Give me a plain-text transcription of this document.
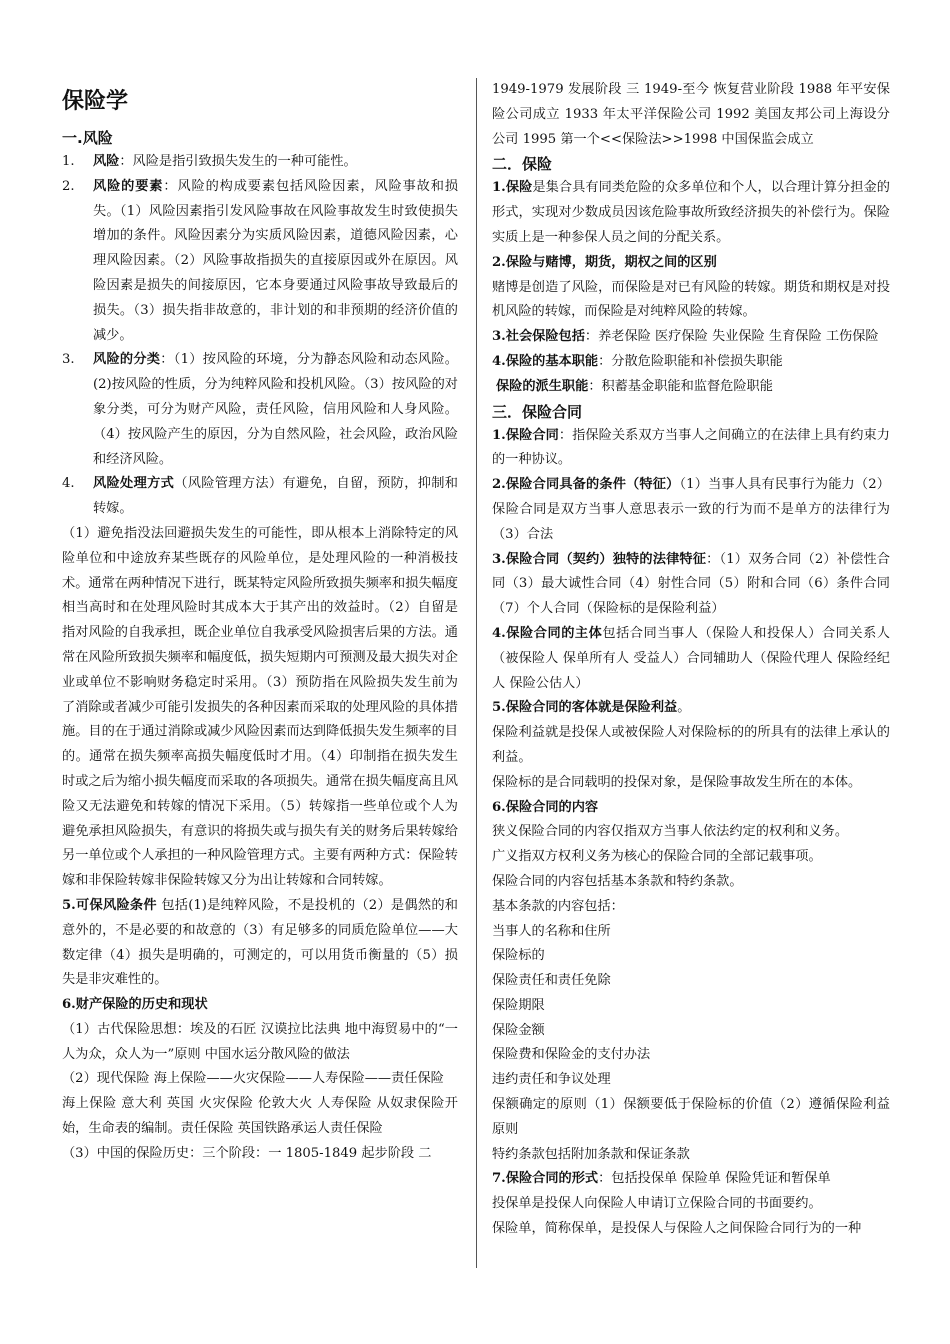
保险学
一.风险
1. 风险：风险是指引致损失发生的一种可能性。
2. 风险的要素：风险的构成要素包括风险因素，风险事故和损失。（1）风险因素指引发风险事故在风险事故发生时致使损失增加的条件。风险因素分为实质风险因素，道德风险因素，心理风险因素。（2）风险事故指损失的直接原因或外在原因。风险因素是损失的间接原因，它本身要通过风险事故导致最后的损失。（3）损失指非故意的，非计划的和非预期的经济价值的减少。
3. 风险的分类：（1）按风险的环境，分为静态风险和动态风险。(2)按风险的性质，分为纯粹风险和投机风险。（3）按风险的对象分类，可分为财产风险，责任风险，信用风险和人身风险。（4）按风险产生的原因，分为自然风险，社会风险，政治风险和经济风险。
4. 风险处理方式（风险管理方法）有避免，自留，预防，抑制和转嫁。

（1）避免指没法回避损失发生的可能性，即从根本上消除特定的风险单位和中途放弃某些既存的风险单位，是处理风险的一种消极技术。通常在两种情况下进行，既某特定风险所致损失频率和损失幅度相当高时和在处理风险时其成本大于其产出的效益时。（2）自留是指对风险的自我承担，既企业单位自我承受风险损害后果的方法。通常在风险所致损失频率和幅度低，损失短期内可预测及最大损失对企业或单位不影响财务稳定时采用。（3）预防指在风险损失发生前为了消除或者减少可能引发损失的各种因素而采取的处理风险的具体措施。目的在于通过消除或减少风险因素而达到降低损失发生频率的目的。通常在损失频率高损失幅度低时才用。（4）印制指在损失发生时或之后为缩小损失幅度而采取的各项损失。通常在损失幅度高且风险又无法避免和转嫁的情况下采用。（5）转嫁指一些单位或个人为避免承担风险损失，有意识的将损失或与损失有关的财务后果转嫁给另一单位或个人承担的一种风险管理方式。主要有两种方式：保险转嫁和非保险转嫁非保险转嫁又分为出让转嫁和合同转嫁。

5.可保风险条件 包括(1)是纯粹风险，不是投机的（2）是偶然的和意外的，不是必要的和故意的（3）有足够多的同质危险单位——大数定律（4）损失是明确的，可测定的，可以用货币衡量的（5）损失是非灾难性的。

6.财产保险的历史和现状

（1）古代保险思想：埃及的石匠 汉谟拉比法典 地中海贸易中的“一人为众，众人为一”原则 中国水运分散风险的做法

（2）现代保险 海上保险——火灾保险——人寿保险——责任保险

海上保险 意大利 英国 火灾保险 伦敦大火 人寿保险 从奴隶保险开始，生命表的编制。责任保险 英国铁路承运人责任保险

（3）中国的保险历史：三个阶段：一 1805-1849 起步阶段 二

1949-1979 发展阶段 三 1949-至今 恢复营业阶段 1988 年平安保险公司成立 1933 年太平洋保险公司 1992 美国友邦公司上海设分公司 1995 第一个<<保险法>>1998 中国保监会成立

二．保险

1.保险是集合具有同类危险的众多单位和个人，以合理计算分担金的形式，实现对少数成员因该危险事故所致经济损失的补偿行为。保险实质上是一种参保人员之间的分配关系。

2.保险与赌博，期货，期权之间的区别

赌博是创造了风险，而保险是对已有风险的转嫁。期货和期权是对投机风险的转嫁，而保险是对纯粹风险的转嫁。

3.社会保险包括：养老保险 医疗保险 失业保险 生育保险 工伤保险

4.保险的基本职能：分散危险职能和补偿损失职能

保险的派生职能：积蓄基金职能和监督危险职能

三．保险合同

1.保险合同：指保险关系双方当事人之间确立的在法律上具有约束力的一种协议。

2.保险合同具备的条件（特征）（1）当事人具有民事行为能力（2）保险合同是双方当事人意思表示一致的行为而不是单方的法律行为（3）合法

3.保险合同（契约）独特的法律特征：（1）双务合同（2）补偿性合同（3）最大诚性合同（4）射性合同（5）附和合同（6）条件合同（7）个人合同（保险标的是保险利益）

4.保险合同的主体包括合同当事人（保险人和投保人）合同关系人（被保险人 保单所有人 受益人）合同辅助人（保险代理人 保险经纪人 保险公估人）

5.保险合同的客体就是保险利益。

保险利益就是投保人或被保险人对保险标的的所具有的法律上承认的利益。

保险标的是合同载明的投保对象，是保险事故发生所在的本体。

6.保险合同的内容

狭义保险合同的内容仅指双方当事人依法约定的权利和义务。

广义指双方权利义务为核心的保险合同的全部记载事项。

保险合同的内容包括基本条款和特约条款。

基本条款的内容包括：

当事人的名称和住所

保险标的

保险责任和责任免除

保险期限

保险金额

保险费和保险金的支付办法

违约责任和争议处理

保额确定的原则（1）保额要低于保险标的价值（2）遵循保险利益原则

特约条款包括附加条款和保证条款

7.保险合同的形式：包括投保单 保险单 保险凭证和暂保单

投保单是投保人向保险人申请订立保险合同的书面要约。

保险单，简称保单，是投保人与保险人之间保险合同行为的一种
